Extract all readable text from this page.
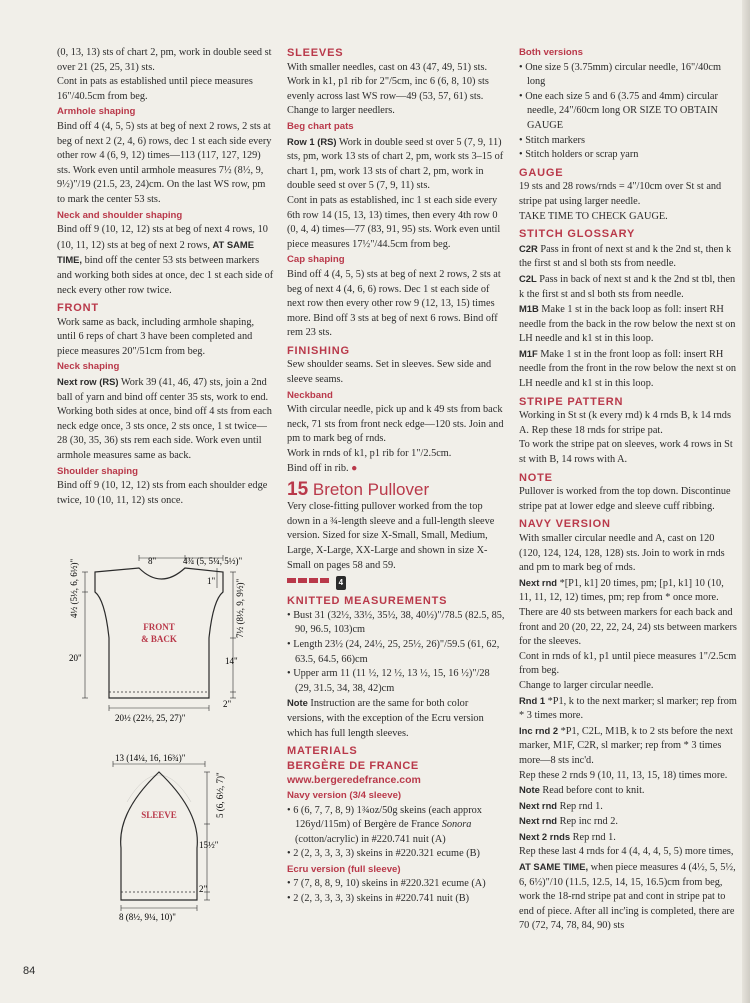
(0, 13, 13) sts of chart 2, pm, work in double seed st over 21 (25, 25, 31) sts.

Cont in pats as established until piece measures 16"/40.5cm from beg.

Armhole shaping

Bind off 4 (4, 5, 5) sts at beg of next 2 rows, 2 sts at beg of next 2 (2, 4, 6) rows, dec 1 st each side every other row 4 (6, 9, 12) times—113 (117, 127, 129) sts. Work even until armhole measures 7½ (8½, 9, 9½)"/19 (21.5, 23, 24)cm. On the last WS row, pm to mark the center 53 sts.

Neck and shoulder shaping

Bind off 9 (10, 12, 12) sts at beg of next 4 rows, 10 (10, 11, 12) sts at beg of next 2 rows, AT SAME TIME, bind off the center 53 sts between markers and working both sides at once, dec 1 st each side of neck every other row twice.

FRONT

Work same as back, including armhole shaping, until 6 reps of chart 3 have been completed and piece measures 20"/51cm from beg.

Neck shaping

Next row (RS) Work 39 (41, 46, 47) sts, join a 2nd ball of yarn and bind off center 35 sts, work to end.

Working both sides at once, bind off 4 sts from each neck edge once, 3 sts once, 2 sts once, 1 st twice—28 (30, 35, 36) sts rem each side. Work even until armhole measures same as back.

Shoulder shaping

Bind off 9 (10, 12, 12) sts from each shoulder edge twice, 10 (10, 11, 12) sts once.

8"	4¾ (5, 5¼, 5½)"
1" 7½ (8½, 9, 9½)"
14"
2"
4½ (5½, 6, 6½)"
20"
20½ (22½, 25, 27)"
FRONT
& BACK
13 (14¼, 16, 16¾)"
5 (6, 6½, 7)"
15½"
2"
8 (8½, 9¼, 10)"
SLEEVE
SLEEVES

With smaller needles, cast on 43 (47, 49, 51) sts. Work in k1, p1 rib for 2"/5cm, inc 6 (6, 8, 10) sts evenly across last WS row—49 (53, 57, 61) sts. Change to larger needlers.

Beg chart pats

Row 1 (RS) Work in double seed st over 5 (7, 9, 11) sts, pm, work 13 sts of chart 2, pm, work sts 3–15 of chart 1, pm, work 13 sts of chart 2, pm, work in double seed st over 5 (7, 9, 11) sts.

Cont in pats as established, inc 1 st each side every 6th row 14 (15, 13, 13) times, then every 4th row 0 (0, 4, 4) times—77 (83, 91, 95) sts. Work even until piece measures 17½"/44.5cm from beg.

Cap shaping

Bind off 4 (4, 5, 5) sts at beg of next 2 rows, 2 sts at beg of next 4 (4, 6, 6) rows. Dec 1 st each side of next row then every other row 9 (12, 13, 15) times more. Bind off 3 sts at beg of next 6 rows. Bind off rem 23 sts.

FINISHING

Sew shoulder seams. Set in sleeves. Sew side and sleeve seams.

Neckband

With circular needle, pick up and k 49 sts from back neck, 71 sts from front neck edge—120 sts. Join and pm to mark beg of rnds.

Work in rnds of k1, p1 rib for 1"/2.5cm.

Bind off in rib. ●

15 Breton Pullover

Very close-fitting pullover worked from the top down in a ¾-length sleeve and a full-length sleeve version. Sized for size X-Small, Small, Medium, Large, X-Large, XX-Large and shown in size X-Small on pages 58 and 59.

4
KNITTED MEASUREMENTS

• Bust 31 (32½, 33½, 35½, 38, 40½)"/78.5 (82.5, 85, 90, 96.5, 103)cm

• Length 23½ (24, 24½, 25, 25½, 26)"/59.5 (61, 62, 63.5, 64.5, 66)cm

• Upper arm 11 (11 ½, 12 ½, 13 ½, 15, 16 ½)"/28 (29, 31.5, 34, 38, 42)cm

Note Instruction are the same for both color versions, with the exception of the Ecru version which has full length sleeves.

MATERIALS
BERGÈRE DE FRANCE
www.bergeredefrance.com
Navy version (3/4 sleeve)

• 6 (6, 7, 7, 8, 9) 1¾oz/50g skeins (each approx 126yd/115m) of Bergère de France Sonora (cotton/acrylic) in #220.741 nuit (A)

• 2 (2, 3, 3, 3, 3) skeins in #220.321 ecume (B)

Ecru version (full sleeve)

• 7 (7, 8, 8, 9, 10) skeins in #220.321 ecume (A)

• 2 (2, 3, 3, 3, 3) skeins in #220.741 nuit (B)

Both versions

• One size 5 (3.75mm) circular needle, 16"/40cm long

• One each size 5 and 6 (3.75 and 4mm) circular needle, 24"/60cm long OR SIZE TO OBTAIN GAUGE

• Stitch markers

• Stitch holders or scrap yarn

GAUGE

19 sts and 28 rows/rnds = 4"/10cm over St st and stripe pat using larger needle.

TAKE TIME TO CHECK GAUGE.

STITCH GLOSSARY

C2R Pass in front of next st and k the 2nd st, then k the first st and sl both sts from needle.

C2L Pass in back of next st and k the 2nd st tbl, then k the first st and sl both sts from needle.

M1B Make 1 st in the back loop as foll: insert RH needle from the back in the row below the next st on LH needle and k1 st in this loop.

M1F Make 1 st in the front loop as foll: insert RH needle from the front in the row below the next st on LH needle and k1 st in this loop.

STRIPE PATTERN

Working in St st (k every rnd) k 4 rnds B, k 14 rnds A. Rep these 18 rnds for stripe pat.

To work the stripe pat on sleeves, work 4 rows in St st with B, 14 rows with A.

NOTE

Pullover is worked from the top down. Discontinue stripe pat at lower edge and sleeve cuff ribbing.

NAVY VERSION

With smaller circular needle and A, cast on 120 (120, 124, 124, 128, 128) sts. Join to work in rnds and pm to mark beg of rnds.

Next rnd *[P1, k1] 20 times, pm; [p1, k1] 10 (10, 11, 11, 12, 12) times, pm; rep from * once more. There are 40 sts between markers for each back and front and 20 (20, 22, 22, 24, 24) sts between markers for the sleeves.

Cont in rnds of k1, p1 until piece measures 1"/2.5cm from beg.

Change to larger circular needle.

Rnd 1 *P1, k to the next marker; sl marker; rep from * 3 times more.

Inc rnd 2 *P1, C2L, M1B, k to 2 sts before the next marker, M1F, C2R, sl marker; rep from * 3 times more—8 sts inc'd.

Rep these 2 rnds 9 (10, 11, 13, 15, 18) times more.

Note Read before cont to knit.

Next rnd Rep rnd 1.

Next rnd Rep inc rnd 2.

Next 2 rnds Rep rnd 1.

Rep these last 4 rnds for 4 (4, 4, 4, 5, 5) more times, AT SAME TIME, when piece measures 4 (4½, 5, 5½, 6, 6½)"/10 (11.5, 12.5, 14, 15, 16.5)cm from beg, work the 18-rnd stripe pat and cont in stripe pat to end of piece. After all inc'ing is completed, there are 70 (72, 74, 78, 84, 90) sts

84
